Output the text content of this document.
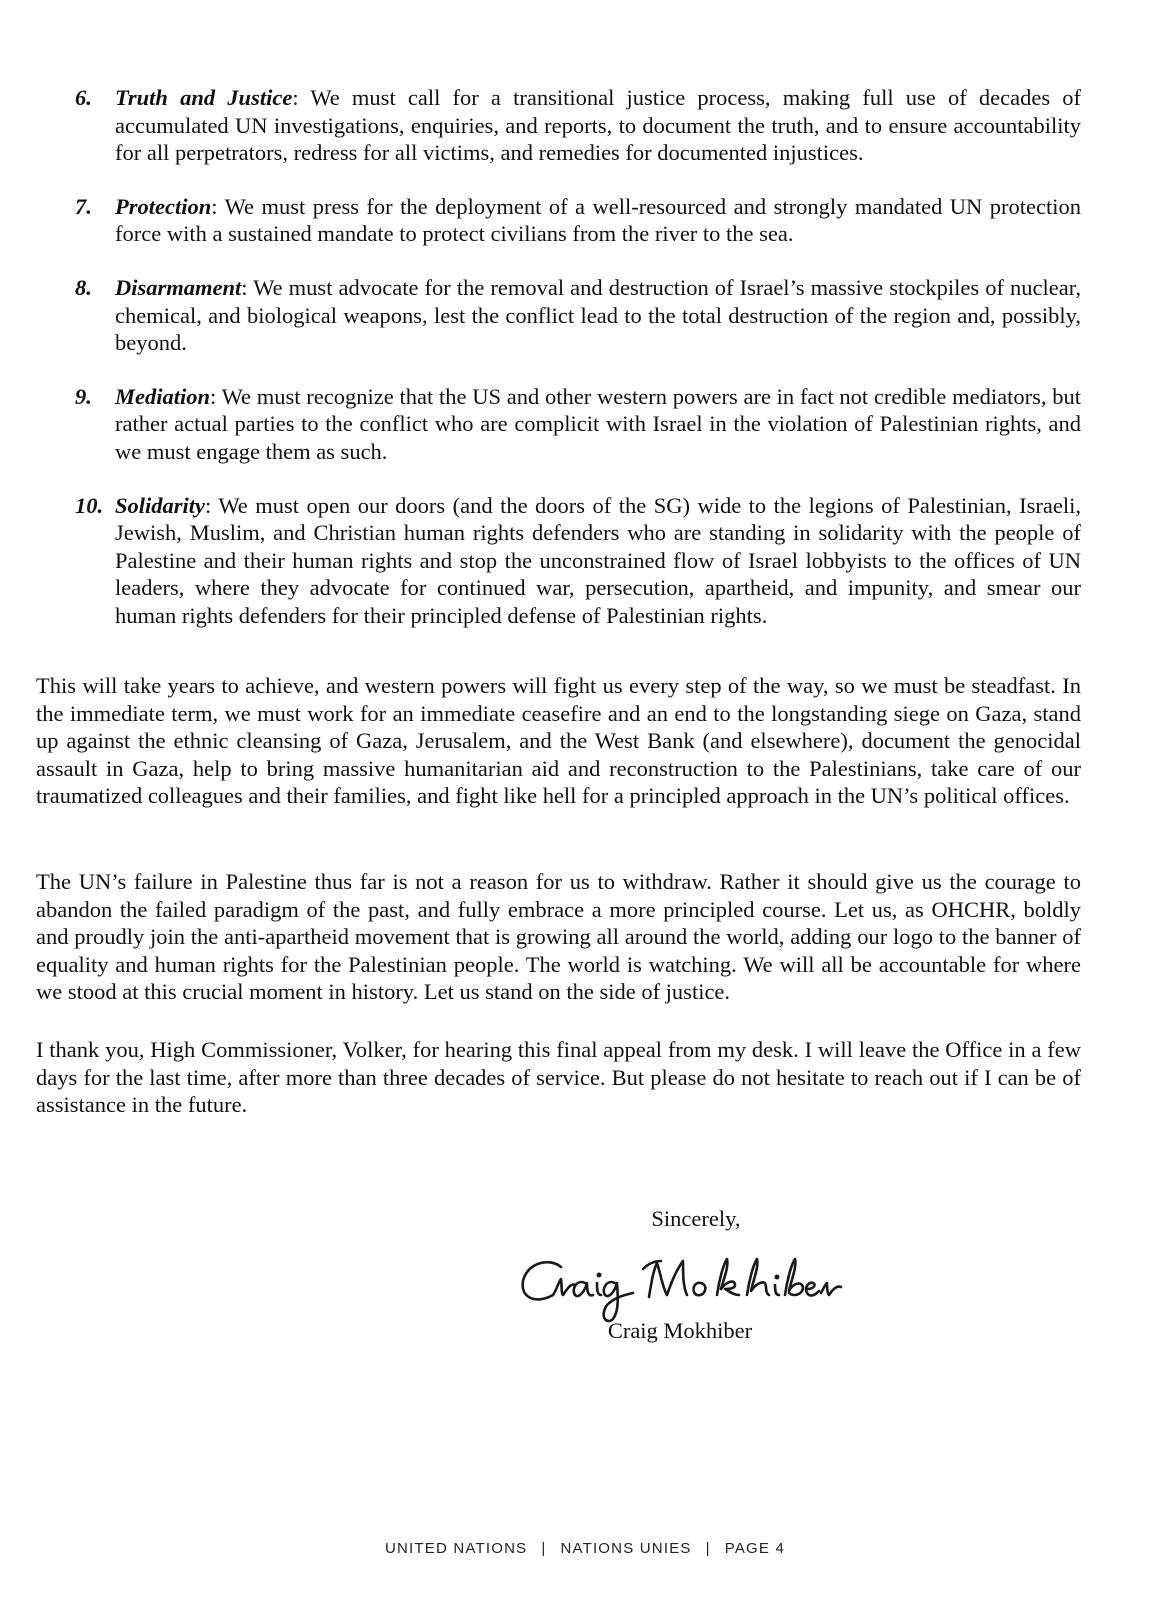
6.	Truth and Justice: We must call for a transitional justice process, making full use of decades of accumulated UN investigations, enquiries, and reports, to document the truth, and to ensure accountability for all perpetrators, redress for all victims, and remedies for documented injustices.
7.	Protection: We must press for the deployment of a well-resourced and strongly mandated UN protection force with a sustained mandate to protect civilians from the river to the sea.
8.	Disarmament: We must advocate for the removal and destruction of Israel’s massive stockpiles of nuclear, chemical, and biological weapons, lest the conflict lead to the total destruction of the region and, possibly, beyond.
9.	Mediation: We must recognize that the US and other western powers are in fact not credible mediators, but rather actual parties to the conflict who are complicit with Israel in the violation of Palestinian rights, and we must engage them as such.
10. Solidarity: We must open our doors (and the doors of the SG) wide to the legions of Palestinian, Israeli, Jewish, Muslim, and Christian human rights defenders who are standing in solidarity with the people of Palestine and their human rights and stop the unconstrained flow of Israel lobbyists to the offices of UN leaders, where they advocate for continued war, persecution, apartheid, and impunity, and smear our human rights defenders for their principled defense of Palestinian rights.

This will take years to achieve, and western powers will fight us every step of the way, so we must be steadfast. In the immediate term, we must work for an immediate ceasefire and an end to the longstanding siege on Gaza, stand up against the ethnic cleansing of Gaza, Jerusalem, and the West Bank (and elsewhere), document the genocidal assault in Gaza, help to bring massive humanitarian aid and reconstruction to the Palestinians, take care of our traumatized colleagues and their families, and fight like hell for a principled approach in the UN’s political offices.

The UN’s failure in Palestine thus far is not a reason for us to withdraw. Rather it should give us the courage to abandon the failed paradigm of the past, and fully embrace a more principled course. Let us, as OHCHR, boldly and proudly join the anti-apartheid movement that is growing all around the world, adding our logo to the banner of equality and human rights for the Palestinian people. The world is watching. We will all be accountable for where we stood at this crucial moment in history. Let us stand on the side of justice.

I thank you, High Commissioner, Volker, for hearing this final appeal from my desk. I will leave the Office in a few days for the last time, after more than three decades of service. But please do not hesitate to reach out if I can be of assistance in the future.

Sincerely,
Craig Mokhiber
Craig Mokhiber
UNITED NATIONS | NATIONS UNIES | PAGE 4
